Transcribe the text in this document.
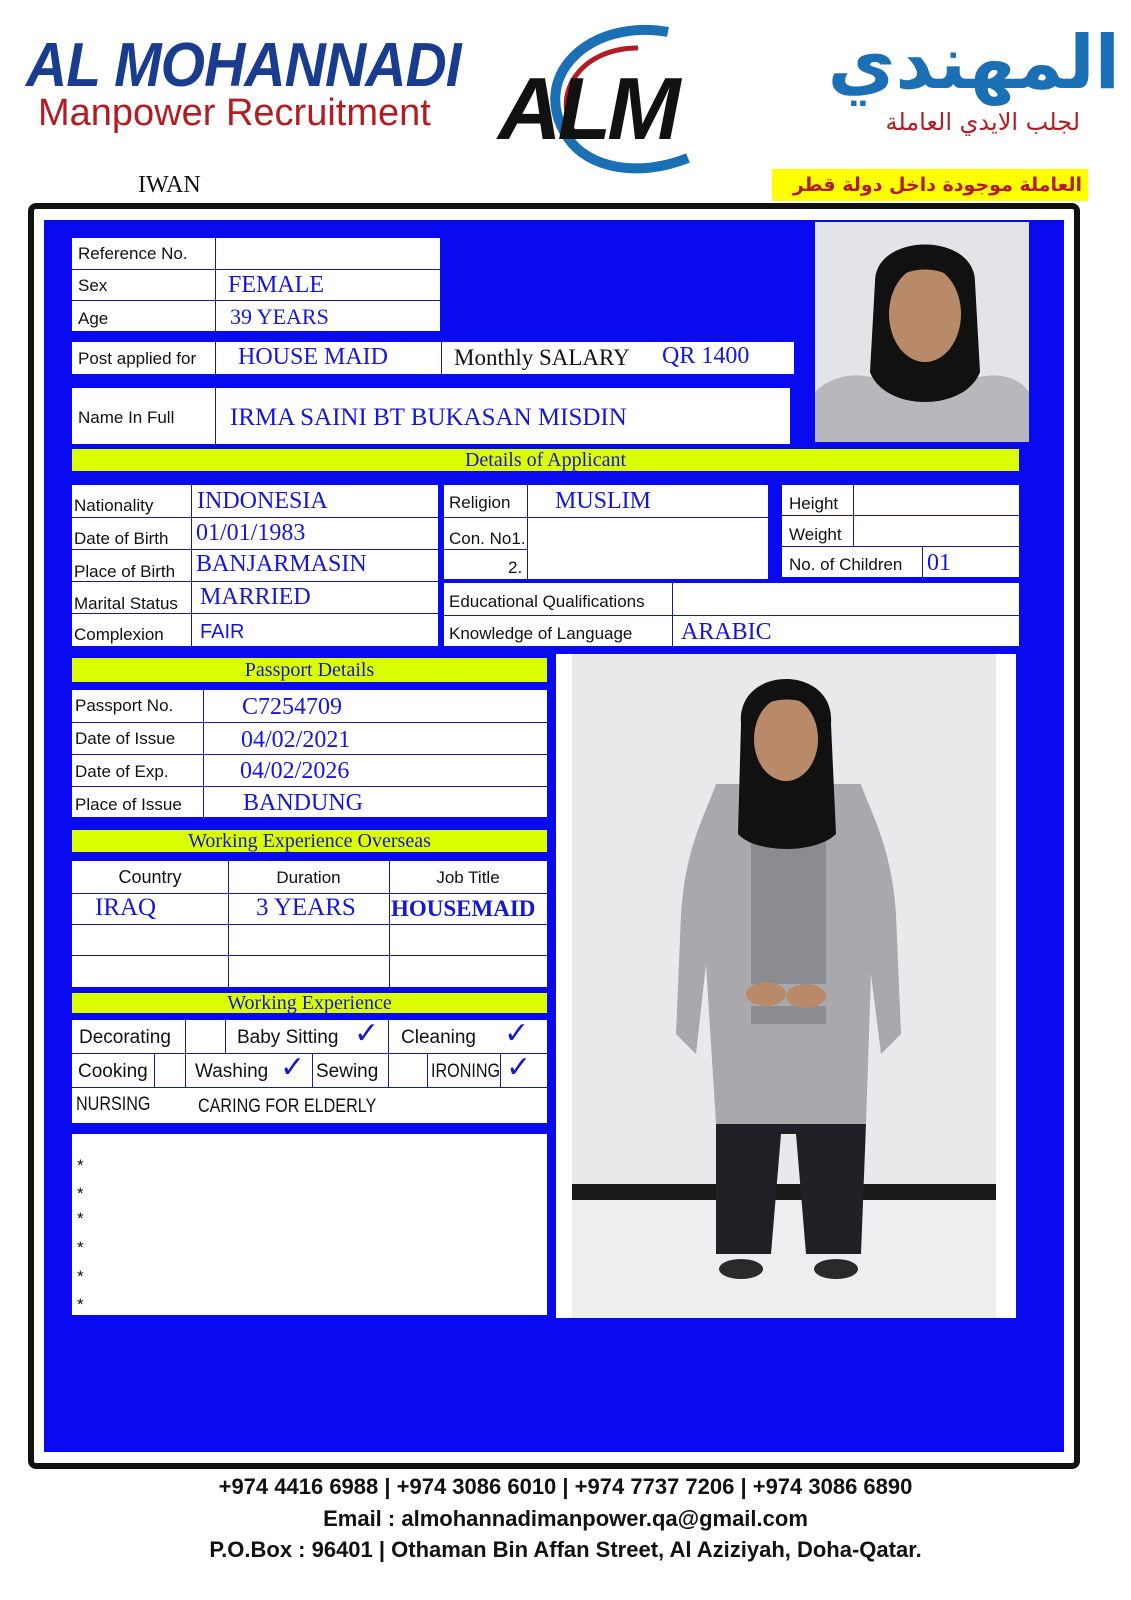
AL MOHANNADI
Manpower Recruitment ALM	المهندي
لجلب الايدي العاملة
IWAN	العاملة موجودة داخل دولة قطر
Reference No.
Sex	FEMALE
Age	39 YEARS
Post applied for HOUSE MAID	Monthly SALARY QR 1400
Name In Full IRMA SAINI BT BUKASAN MISDIN
Details of Applicant
Nationality INDONESIA
Date of Birth 01/01/1983
Place of Birth BANJARMASIN
Marital Status MARRIED
Complexion FAIR
Religion MUSLIM
Con. No1.
2.
Height
Weight
No. of Children 01
Educational Qualifications
Knowledge of Language ARABIC
Passport Details
Passport No.	C7254709
Date of Issue	04/02/2021
Date of Exp.	04/02/2026
Place of Issue	BANDUNG
Working Experience Overseas
Country	Duration	Job Title
IRAQ	3 YEARS HOUSEMAID
Working Experience
Decorating	Baby Sitting ✓ Cleaning ✓
Cooking Washing ✓ Sewing	IRONING ✓
NURSING	CARING FOR ELDERLY
*
*
*
*
*
*
+974 4416 6988 | +974 3086 6010 | +974 7737 7206 | +974 3086 6890
Email : almohannadimanpower.qa@gmail.com
P.O.Box : 96401 | Othaman Bin Affan Street, Al Aziziyah, Doha-Qatar.
